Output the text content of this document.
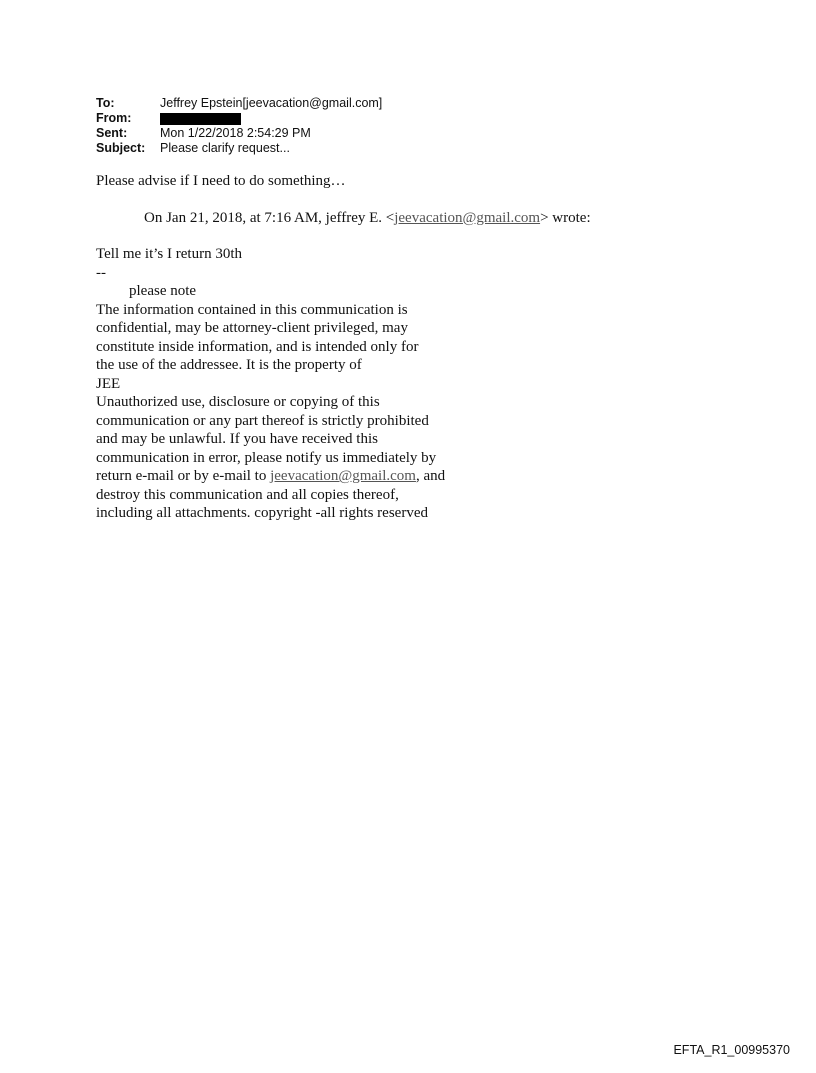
To:	Jeffrey Epstein[jeevacation@gmail.com]
From:
Sent:	Mon 1/22/2018 2:54:29 PM
Subject:	Please clarify request...

Please advise if I need to do something…

On Jan 21, 2018, at 7:16 AM, jeffrey E. <jeevacation@gmail.com> wrote:

Tell me it’s I return 30th

--

please note

The information contained in this communication is

confidential, may be attorney-client privileged, may

constitute inside information, and is intended only for

the use of the addressee. It is the property of

JEE

Unauthorized use, disclosure or copying of this

communication or any part thereof is strictly prohibited

and may be unlawful. If you have received this

communication in error, please notify us immediately by

return e-mail or by e-mail to jeevacation@gmail.com, and

destroy this communication and all copies thereof,

including all attachments. copyright -all rights reserved

EFTA_R1_00995370
